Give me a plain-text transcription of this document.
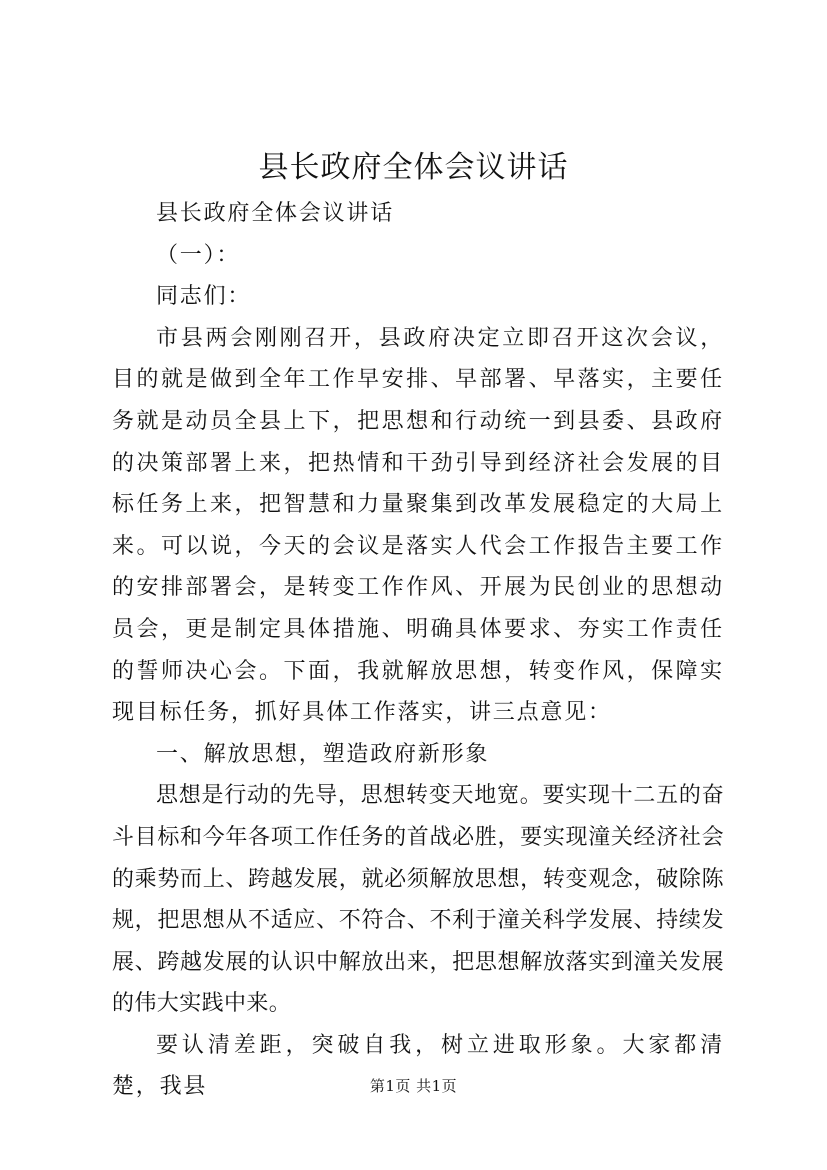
县长政府全体会议讲话

县长政府全体会议讲话

（一）：

同志们：

市县两会刚刚召开，县政府决定立即召开这次会议，目的就是做到全年工作早安排、早部署、早落实，主要任务就是动员全县上下，把思想和行动统一到县委、县政府的决策部署上来，把热情和干劲引导到经济社会发展的目标任务上来，把智慧和力量聚集到改革发展稳定的大局上来。可以说，今天的会议是落实人代会工作报告主要工作的安排部署会，是转变工作作风、开展为民创业的思想动员会，更是制定具体措施、明确具体要求、夯实工作责任的誓师决心会。下面，我就解放思想，转变作风，保障实现目标任务，抓好具体工作落实，讲三点意见：

一、解放思想，塑造政府新形象

思想是行动的先导，思想转变天地宽。要实现十二五的奋斗目标和今年各项工作任务的首战必胜，要实现潼关经济社会的乘势而上、跨越发展，就必须解放思想，转变观念，破除陈规，把思想从不适应、不符合、不利于潼关科学发展、持续发展、跨越发展的认识中解放出来，把思想解放落实到潼关发展的伟大实践中来。

要认清差距，突破自我，树立进取形象。大家都清楚，我县	第1页 共1页
